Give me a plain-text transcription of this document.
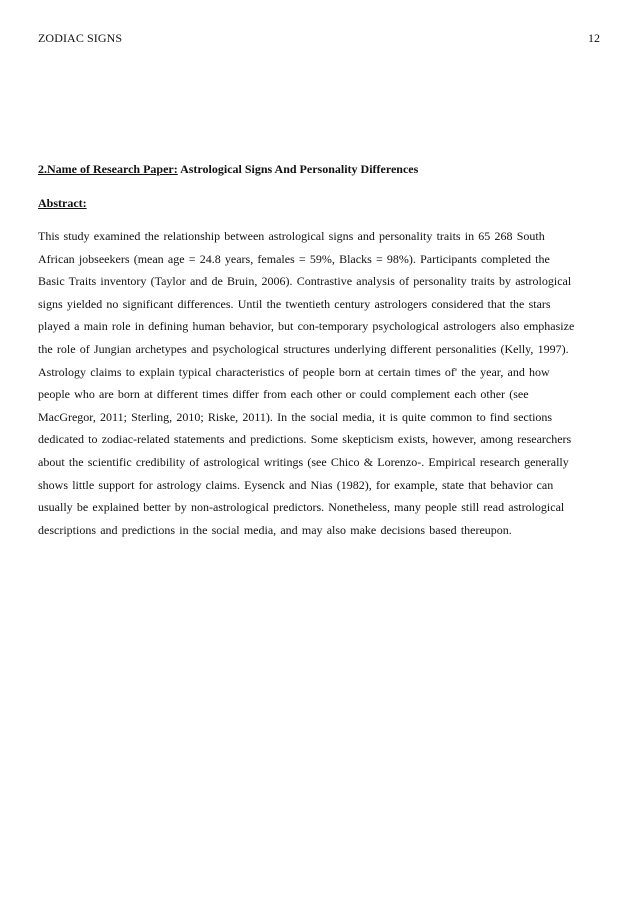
ZODIAC SIGNS	12
2.Name of Research Paper: Astrological Signs And Personality Differences
Abstract:
This study examined the relationship between astrological signs and personality traits in 65 268 South
African jobseekers (mean age = 24.8 years, females = 59%, Blacks = 98%). Participants completed the
Basic Traits inventory (Taylor and de Bruin, 2006). Contrastive analysis of personality traits by astrological
signs yielded no significant differences. Until the twentieth century astrologers considered that the stars
played a main role in defining human behavior, but con-temporary psychological astrologers also emphasize
the role of Jungian archetypes and psychological structures underlying different personalities (Kelly, 1997).
Astrology claims to explain typical characteristics of people born at certain times of' the year, and how
people who are born at different times differ from each other or could complement each other (see
MacGregor, 2011; Sterling, 2010; Riske, 2011). In the social media, it is quite common to find sections
dedicated to zodiac-related statements and predictions. Some skepticism exists, however, among researchers
about the scientific credibility of astrological writings (see Chico & Lorenzo-. Empirical research generally
shows little support for astrology claims. Eysenck and Nias (1982), for example, state that behavior can
usually be explained better by non-astrological predictors. Nonetheless, many people still read astrological
descriptions and predictions in the social media, and may also make decisions based thereupon.
